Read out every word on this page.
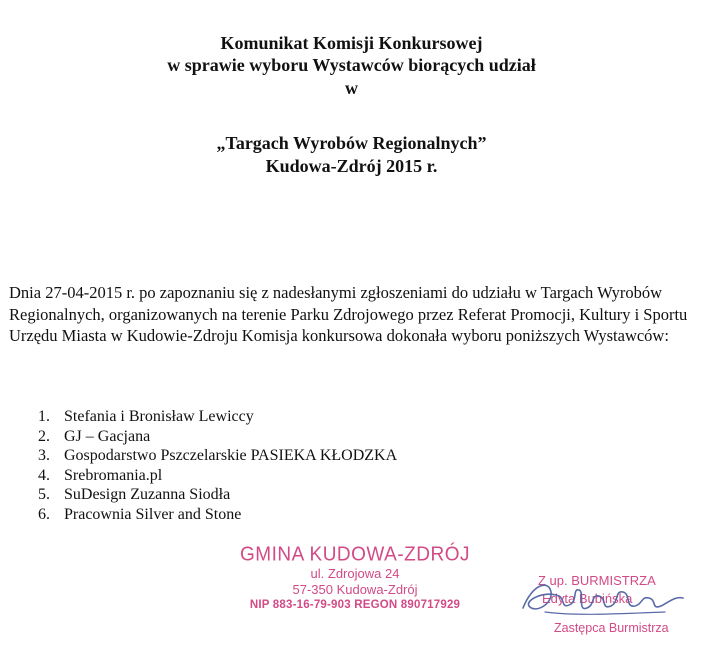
Komunikat Komisji Konkursowej
w sprawie wyboru Wystawców biorących udział
w
„Targach Wyrobów Regionalnych”
Kudowa-Zdrój 2015 r.

Dnia 27-04-2015 r. po zapoznaniu się z nadesłanymi zgłoszeniami do udziału w Targach Wyrobów Regionalnych, organizowanych na terenie Parku Zdrojowego przez Referat Promocji, Kultury i Sportu Urzędu Miasta w Kudowie-Zdroju Komisja konkursowa dokonała wyboru poniższych Wystawców:

1. Stefania i Bronisław Lewiccy
2. GJ – Gacjana
3. Gospodarstwo Pszczelarskie PASIEKA KŁODZKA
4. Srebromania.pl
5. SuDesign Zuzanna Siodła
6. Pracownia Silver and Stone
GMINA KUDOWA-ZDRÓJ
ul. Zdrojowa 24
57-350 Kudowa-Zdrój
NIP 883-16-79-903 REGON 890717929
Z up. BURMISTRZA
Edyta Bubińska
Zastępca Burmistrza
